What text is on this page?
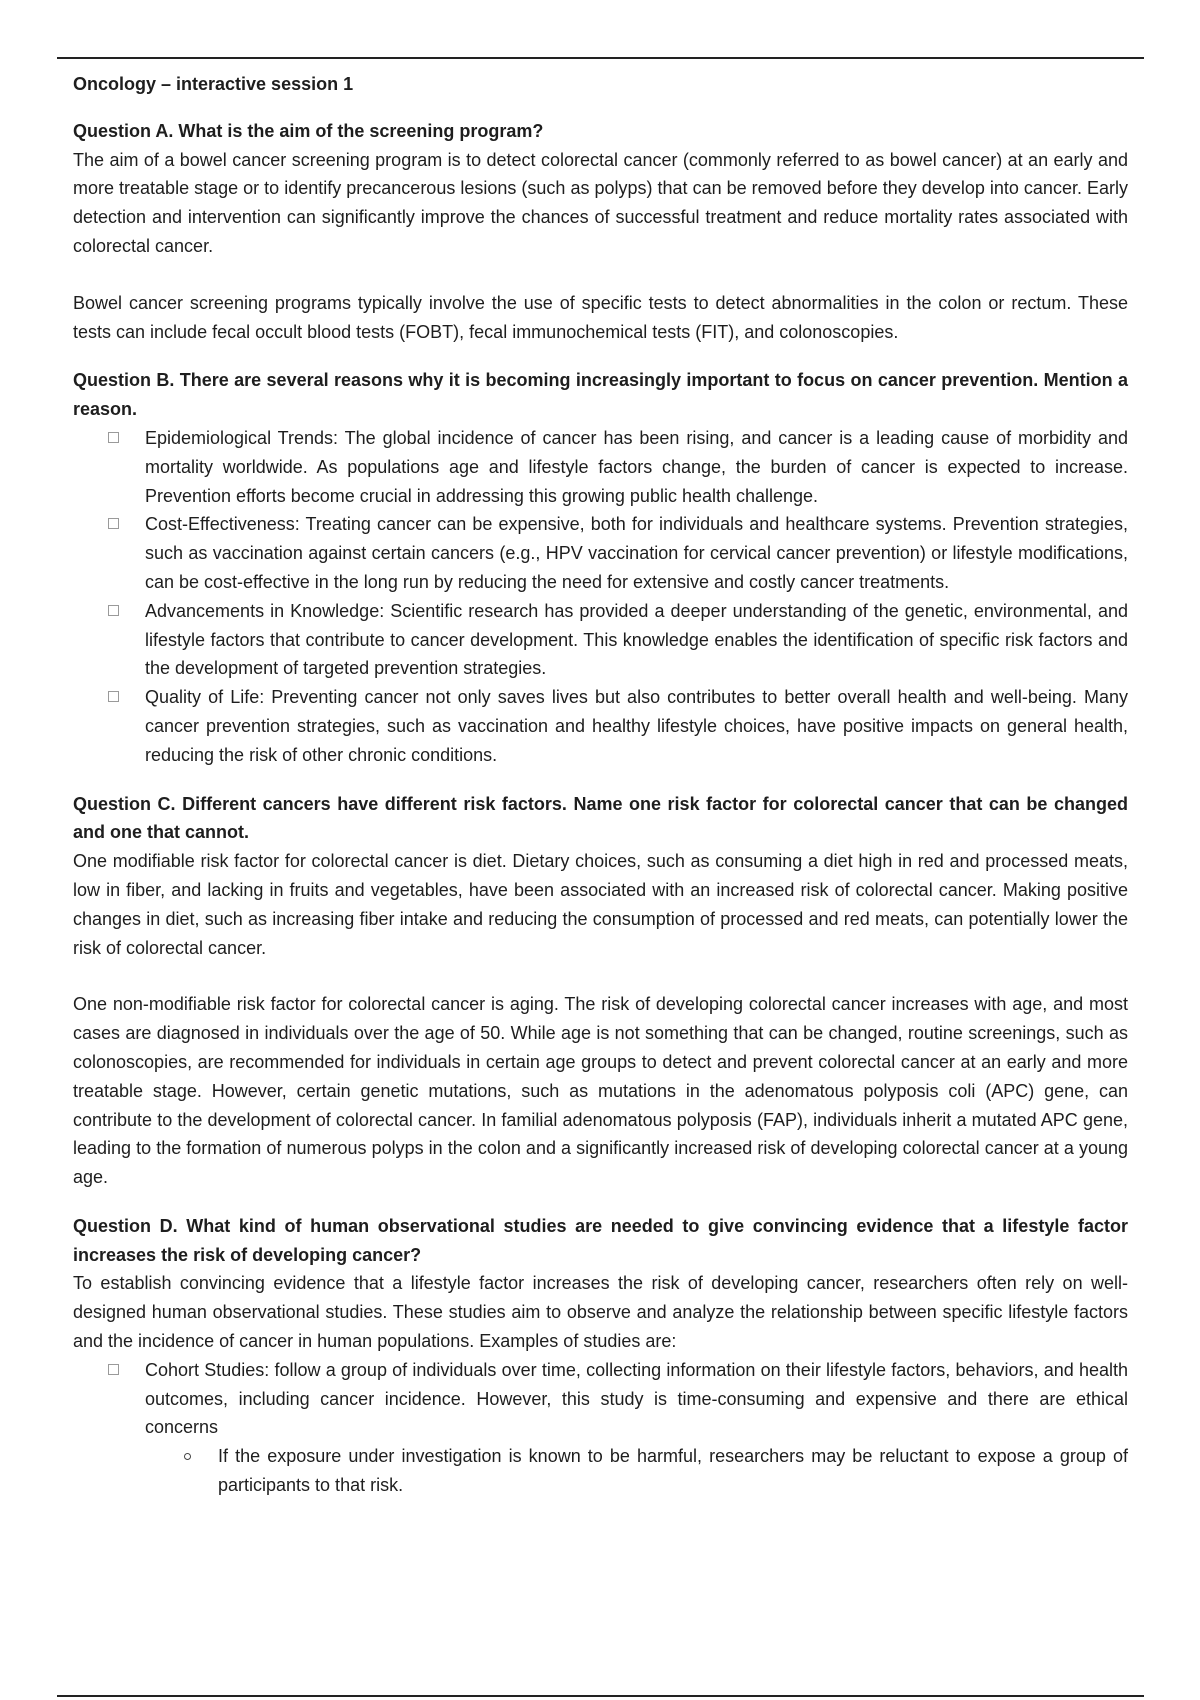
Oncology – interactive session 1
Question A. What is the aim of the screening program?

The aim of a bowel cancer screening program is to detect colorectal cancer (commonly referred to as bowel cancer) at an early and more treatable stage or to identify precancerous lesions (such as polyps) that can be removed before they develop into cancer. Early detection and intervention can significantly improve the chances of successful treatment and reduce mortality rates associated with colorectal cancer.

Bowel cancer screening programs typically involve the use of specific tests to detect abnormalities in the colon or rectum. These tests can include fecal occult blood tests (FOBT), fecal immunochemical tests (FIT), and colonoscopies.

Question B. There are several reasons why it is becoming increasingly important to focus on cancer prevention. Mention a reason.
Epidemiological Trends: The global incidence of cancer has been rising, and cancer is a leading cause of morbidity and mortality worldwide. As populations age and lifestyle factors change, the burden of cancer is expected to increase. Prevention efforts become crucial in addressing this growing public health challenge.
Cost-Effectiveness: Treating cancer can be expensive, both for individuals and healthcare systems. Prevention strategies, such as vaccination against certain cancers (e.g., HPV vaccination for cervical cancer prevention) or lifestyle modifications, can be cost-effective in the long run by reducing the need for extensive and costly cancer treatments.
Advancements in Knowledge: Scientific research has provided a deeper understanding of the genetic, environmental, and lifestyle factors that contribute to cancer development. This knowledge enables the identification of specific risk factors and the development of targeted prevention strategies.
Quality of Life: Preventing cancer not only saves lives but also contributes to better overall health and well-being. Many cancer prevention strategies, such as vaccination and healthy lifestyle choices, have positive impacts on general health, reducing the risk of other chronic conditions.
Question C. Different cancers have different risk factors. Name one risk factor for colorectal cancer that can be changed and one that cannot.

One modifiable risk factor for colorectal cancer is diet. Dietary choices, such as consuming a diet high in red and processed meats, low in fiber, and lacking in fruits and vegetables, have been associated with an increased risk of colorectal cancer. Making positive changes in diet, such as increasing fiber intake and reducing the consumption of processed and red meats, can potentially lower the risk of colorectal cancer.

One non-modifiable risk factor for colorectal cancer is aging. The risk of developing colorectal cancer increases with age, and most cases are diagnosed in individuals over the age of 50. While age is not something that can be changed, routine screenings, such as colonoscopies, are recommended for individuals in certain age groups to detect and prevent colorectal cancer at an early and more treatable stage. However, certain genetic mutations, such as mutations in the adenomatous polyposis coli (APC) gene, can contribute to the development of colorectal cancer. In familial adenomatous polyposis (FAP), individuals inherit a mutated APC gene, leading to the formation of numerous polyps in the colon and a significantly increased risk of developing colorectal cancer at a young age.

Question D. What kind of human observational studies are needed to give convincing evidence that a lifestyle factor increases the risk of developing cancer?

To establish convincing evidence that a lifestyle factor increases the risk of developing cancer, researchers often rely on well-designed human observational studies. These studies aim to observe and analyze the relationship between specific lifestyle factors and the incidence of cancer in human populations. Examples of studies are:

Cohort Studies: follow a group of individuals over time, collecting information on their lifestyle factors, behaviors, and health outcomes, including cancer incidence. However, this study is time-consuming and expensive and there are ethical concerns
If the exposure under investigation is known to be harmful, researchers may be reluctant to expose a group of participants to that risk.
